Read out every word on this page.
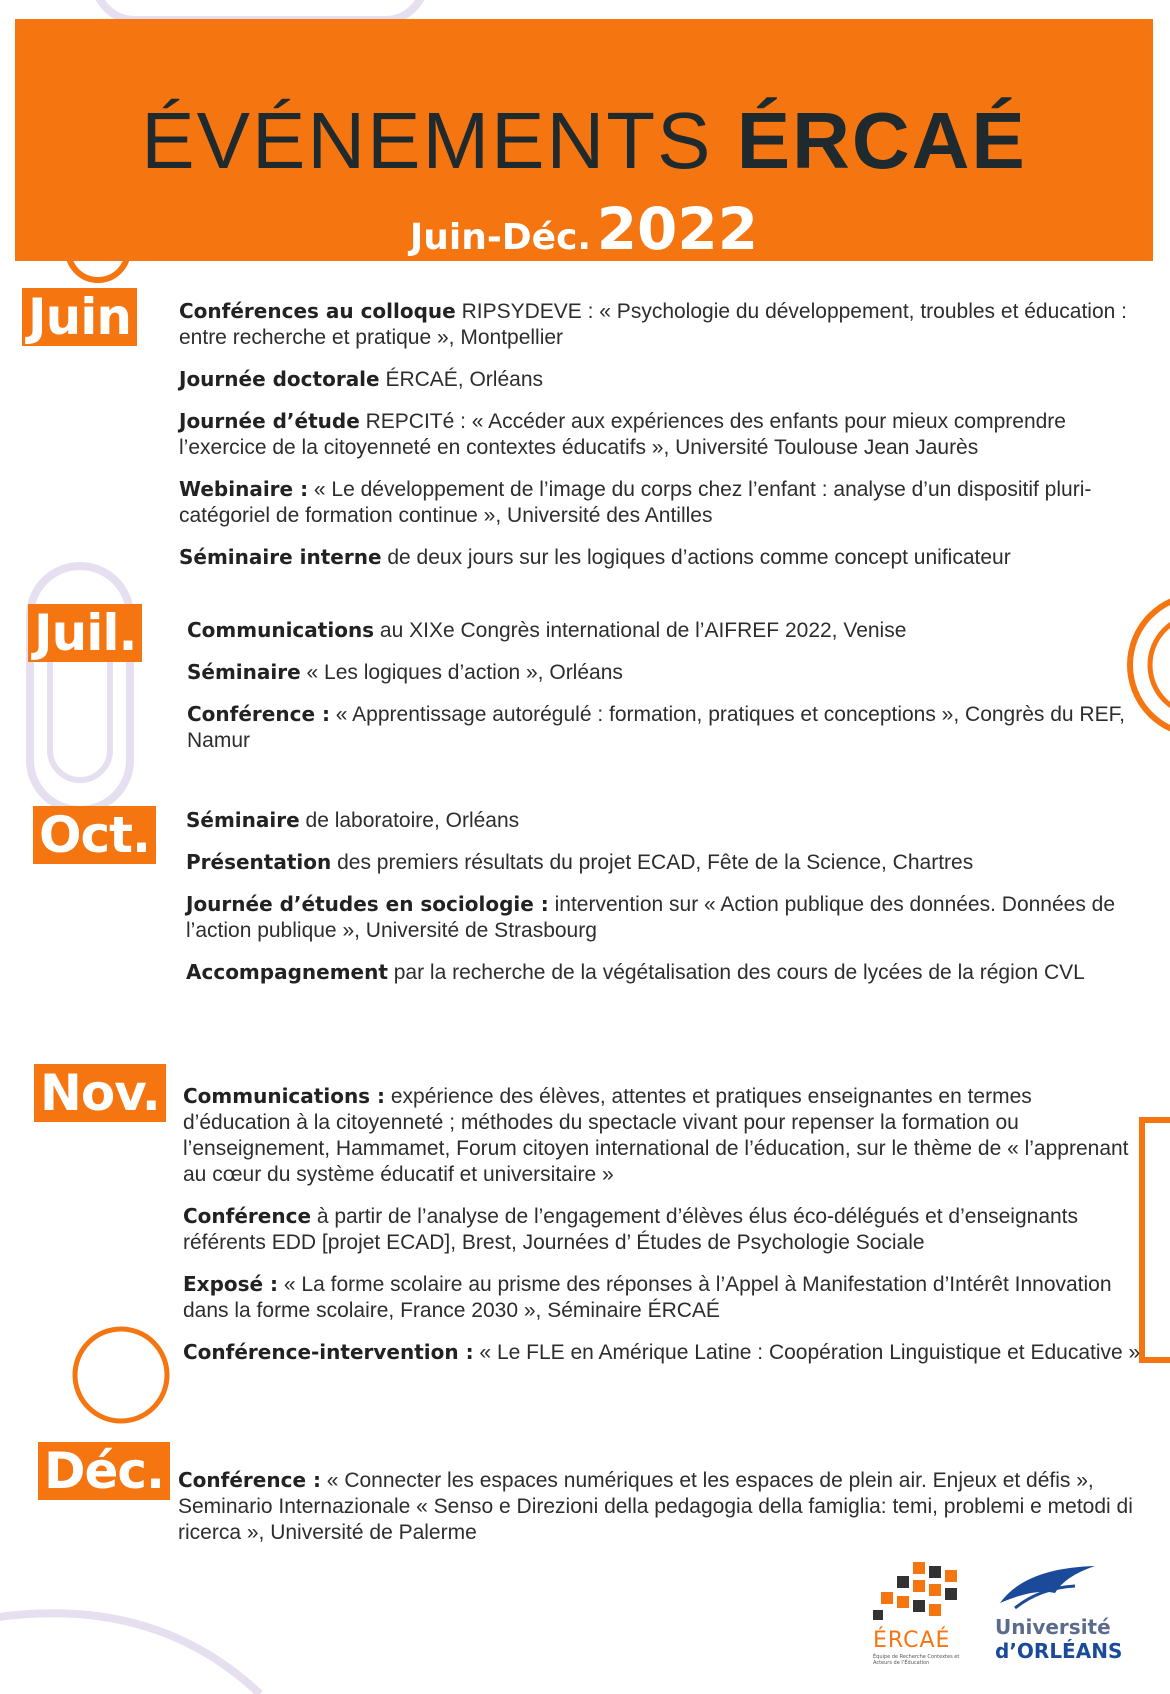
ÉVÉNEMENTS ÉRCAÉ
Juin-Déc. 2022
Juin	Conférences au colloque RIPSYDEVE : « Psychologie du développement, troubles et éducation : entre recherche et pratique », Montpellier
Journée doctorale ÉRCAÉ, Orléans
Journée d’étude REPCITé : « Accéder aux expériences des enfants pour mieux comprendre l’exercice de la citoyenneté en contextes éducatifs », Université Toulouse Jean Jaurès
Webinaire : « Le développement de l’image du corps chez l’enfant : analyse d’un dispositif pluri-catégoriel de formation continue », Université des Antilles
Séminaire interne de deux jours sur les logiques d’actions comme concept unificateur
Juil.	Communications au XIXe Congrès international de l’AIFREF 2022, Venise
Séminaire « Les logiques d’action », Orléans
Conférence : « Apprentissage autorégulé : formation, pratiques et conceptions », Congrès du REF, Namur
Oct.	Séminaire de laboratoire, Orléans
Présentation des premiers résultats du projet ECAD, Fête de la Science, Chartres
Journée d’études en sociologie : intervention sur « Action publique des données. Données de l’action publique », Université de Strasbourg
Accompagnement par la recherche de la végétalisation des cours de lycées de la région CVL
Nov.	Communications : expérience des élèves, attentes et pratiques enseignantes en termes d’éducation à la citoyenneté ; méthodes du spectacle vivant pour repenser la formation ou l’enseignement, Hammamet, Forum citoyen international de l’éducation, sur le thème de « l’apprenant au cœur du système éducatif et universitaire »
Conférence à partir de l’analyse de l’engagement d’élèves élus éco-délégués et d’enseignants référents EDD [projet ECAD], Brest, Journées d’ Études de Psychologie Sociale
Exposé : « La forme scolaire au prisme des réponses à l’Appel à Manifestation d’Intérêt Innovation dans la forme scolaire, France 2030 », Séminaire ÉRCAÉ
Conférence-intervention : « Le FLE en Amérique Latine : Coopération Linguistique et Educative »
Déc. Conférence : « Connecter les espaces numériques et les espaces de plein air. Enjeux et défis », Seminario Internazionale « Senso e Direzioni della pedagogia della famiglia: temi, problemi e metodi di ricerca », Université de Palerme
ÉRCAÉ
Équipe de Recherche Contextes et Acteurs de l’Éducation
Université
d’ORLÉANS
